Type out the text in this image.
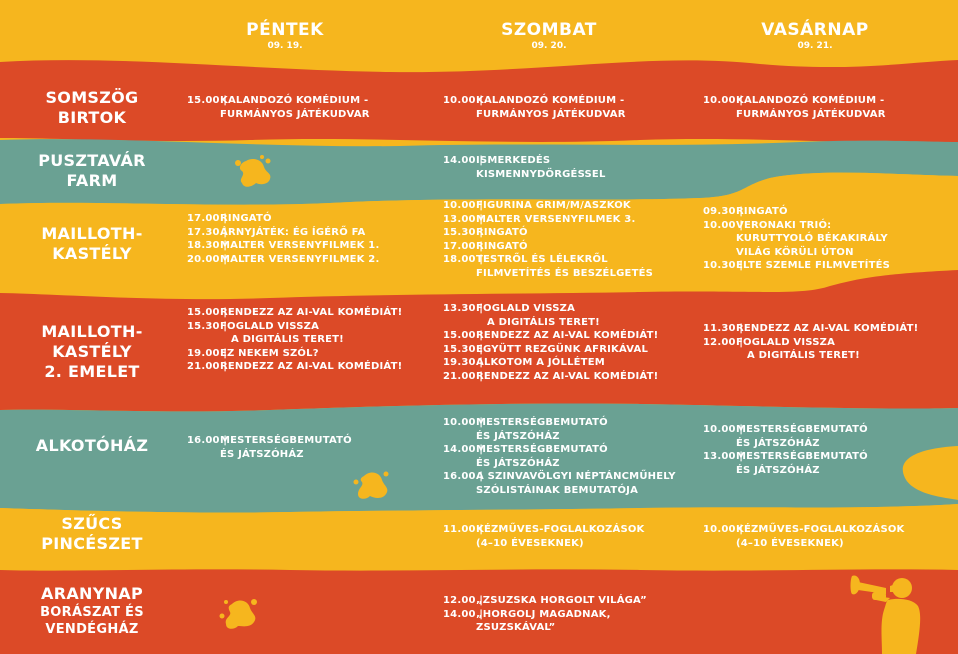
PÉNTEK
09. 19.
SZOMBAT
09. 20.
VASÁRNAP
09. 21.
SOMSZÖG
BIRTOK
PUSZTAVÁR
FARM
MAILLOTH-
KASTÉLY
MAILLOTH-
KASTÉLY
2. EMELET
ALKOTÓHÁZ
SZŰCS
PINCÉSZET
ARANYNAP
BORÁSZAT ÉS
VENDÉGHÁZ
15.00 |
KALANDOZÓ KOMÉDIUM -
FURMÁNYOS JÁTÉKUDVAR
10.00 |
KALANDOZÓ KOMÉDIUM -
FURMÁNYOS JÁTÉKUDVAR
10.00 |
KALANDOZÓ KOMÉDIUM -
FURMÁNYOS JÁTÉKUDVAR
14.00 |
ISMERKEDÉS
KISMENNYDÖRGÉSSEL
17.00 |
RINGATÓ
17.30 |
ÁRNYJÁTÉK: ÉG ÍGÉRŐ FA
18.30 |
MALTER VERSENYFILMEK 1.
20.00 |
MALTER VERSENYFILMEK 2.
10.00 |
FIGURINA GRIM/M/ASZKOK
13.00 |
MALTER VERSENYFILMEK 3.
15.30 |
RINGATÓ
17.00 |
RINGATÓ
18.00 |
TESTRŐL ÉS LÉLEKRŐL
FILMVETÍTÉS ÉS BESZÉLGETÉS
09.30 |
RINGATÓ
10.00 |
VERONAKI TRIÓ:
KURUTTYOLÓ BÉKAKIRÁLY
VILÁG KÖRÜLI ÚTON
10.30 |
ELTE SZEMLE FILMVETÍTÉS
15.00 |
RENDEZZ AZ AI-VAL KOMÉDIÁT!
15.30 |
FOGLALD VISSZA
A DIGITÁLIS TERET!
19.00 |
EZ NEKEM SZÓL?
21.00 |
RENDEZZ AZ AI-VAL KOMÉDIÁT!
13.30 |
FOGLALD VISSZA
A DIGITÁLIS TERET!
15.00 |
RENDEZZ AZ AI-VAL KOMÉDIÁT!
15.30 |
EGYÜTT REZGÜNK AFRIKÁVAL
19.30 |
ALKOTOM A JÓLLÉTEM
21.00 |
RENDEZZ AZ AI-VAL KOMÉDIÁT!
11.30 |
RENDEZZ AZ AI-VAL KOMÉDIÁT!
12.00 |
FOGLALD VISSZA
A DIGITÁLIS TERET!
16.00 |
MESTERSÉGBEMUTATÓ
ÉS JÁTSZÓHÁZ
10.00 |
MESTERSÉGBEMUTATÓ
ÉS JÁTSZÓHÁZ
14.00 |
MESTERSÉGBEMUTATÓ
ÉS JÁTSZÓHÁZ
16.00 |
A SZINVAVÖLGYI NÉPTÁNCMŰHELY
SZÓLISTÁINAK BEMUTATÓJA
10.00 |
MESTERSÉGBEMUTATÓ
ÉS JÁTSZÓHÁZ
13.00 |
MESTERSÉGBEMUTATÓ
ÉS JÁTSZÓHÁZ
11.00 |
KÉZMŰVES-FOGLALKOZÁSOK
(4–10 ÉVESEKNEK)
10.00 |
KÉZMŰVES-FOGLALKOZÁSOK
(4–10 ÉVESEKNEK)
12.00 |
„ZSUZSKA HORGOLT VILÁGA”
14.00 |
„HORGOLJ MAGADNAK,
ZSUZSKÁVAL”
